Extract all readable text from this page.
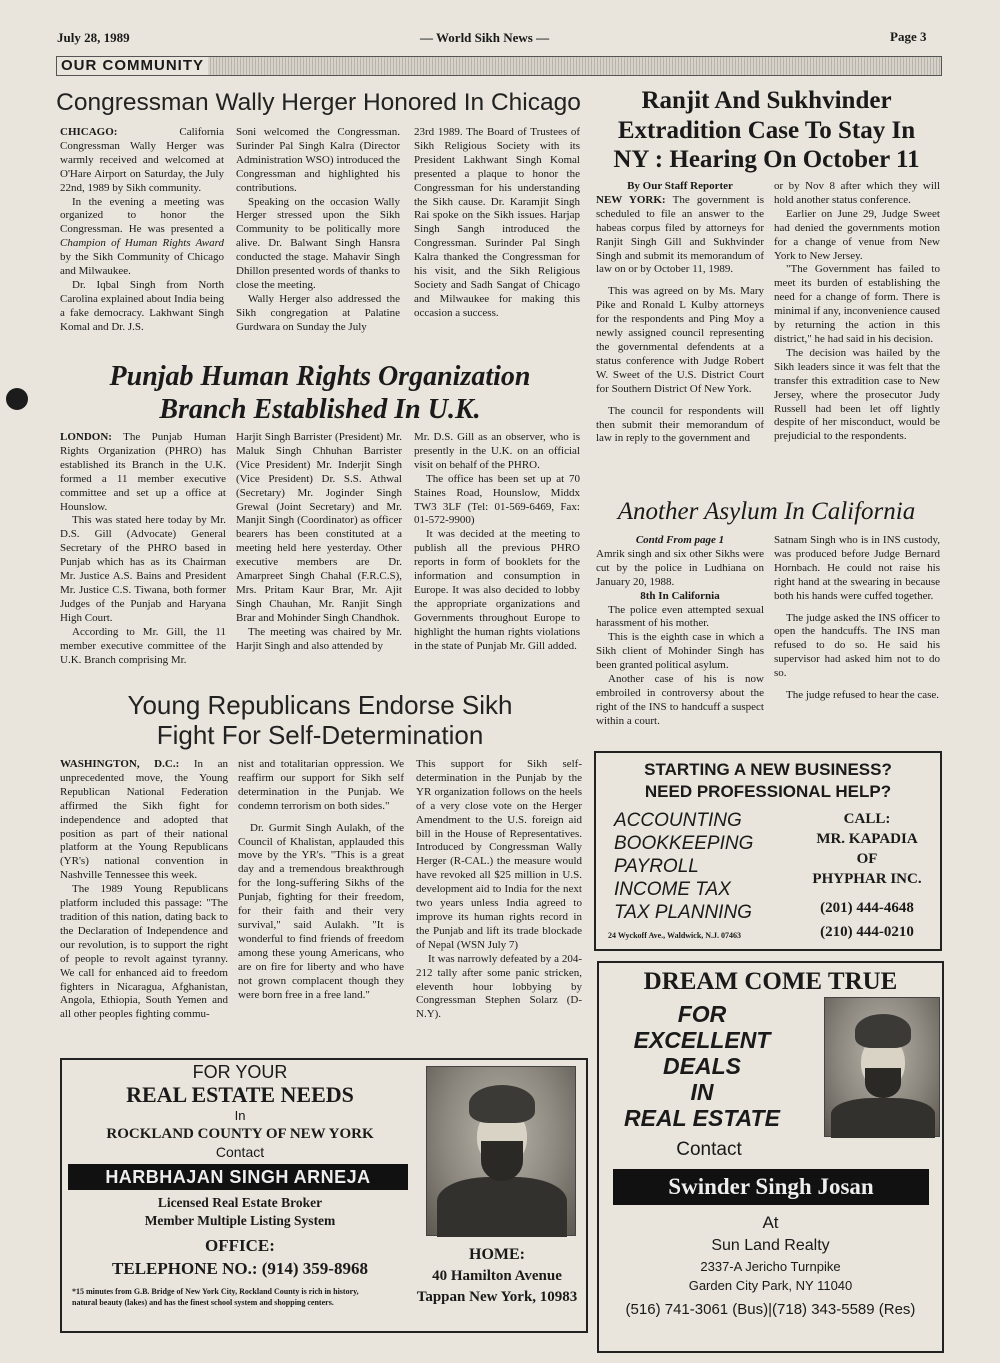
July 28, 1989	— World Sikh News —	Page 3
OUR COMMUNITY
Congressman Wally Herger Honored In Chicago

CHICAGO:	California Congressman Wally Herger was warmly received and welcomed at O'Hare Airport on Saturday, the July 22nd, 1989 by Sikh community.

In the evening a meeting was organized to honor the Congressman. He was presented a Champion of Human Rights Award by the Sikh Community of Chicago and Milwaukee.

Dr. Iqbal Singh from North Carolina explained about India being a fake democracy. Lakhwant Singh Komal and Dr. J.S.

Soni welcomed the Congressman. Surinder Pal Singh Kalra (Director Administration WSO) introduced the Congressman and highlighted his contributions.

Speaking on the occasion Wally Herger stressed upon the Sikh Community to be politically more alive. Dr. Balwant Singh Hansra conducted the stage. Mahavir Singh Dhillon presented words of thanks to close the meeting.

Wally Herger also addressed the Sikh congregation at Palatine Gurdwara on Sunday the July

23rd 1989. The Board of Trustees of Sikh Religious Society with its President Lakhwant Singh Komal presented a plaque to honor the Congressman for his understanding the Sikh cause. Dr. Karamjit Singh Rai spoke on the Sikh issues. Harjap Singh Sangh introduced the Congressman. Surinder Pal Singh Kalra thanked the Congressman for his visit, and the Sikh Religious Society and Sadh Sangat of Chicago and Milwaukee for making this occasion a success.

Ranjit And Sukhvinder
Extradition Case To Stay In
NY : Hearing On October 11

By Our Staff Reporter

NEW YORK: The government is scheduled to file an answer to the habeas corpus filed by attorneys for Ranjit Singh Gill and Sukhvinder Singh and submit its memorandum of law on or by October 11, 1989.

This was agreed on by Ms. Mary Pike and Ronald L Kulby attorneys for the respondents and Ping Moy a newly assigned council representing the governmental defendents at a status conference with Judge Robert W. Sweet of the U.S. District Court for Southern District Of New York.

The council for respondents will then submit their memorandum of law in reply to the government and

or by Nov 8 after which they will hold another status conference.

Earlier on June 29, Judge Sweet had denied the governments motion for a change of venue from New York to New Jersey.

"The Government has failed to meet its burden of establishing the need for a change of form. There is minimal if any, inconvenience caused by returning the action in this district," he had said in his decision.

The decision was hailed by the Sikh leaders since it was felt that the transfer this extradition case to New Jersey, where the prosecutor Judy Russell had been let off lightly despite of her misconduct, would be prejudicial to the respondents.

Punjab Human Rights Organization
Branch Established In U.K.

LONDON: The Punjab Human Rights Organization (PHRO) has established its Branch in the U.K. formed a 11 member executive committee and set up a office at Hounslow.

This was stated here today by Mr. D.S. Gill (Advocate) General Secretary of the PHRO based in Punjab which has as its Chairman Mr. Justice A.S. Bains and President Mr. Justice C.S. Tiwana, both former Judges of the Punjab and Haryana High Court.

According to Mr. Gill, the 11 member executive committee of the U.K. Branch comprising Mr.

Harjit Singh Barrister (President) Mr. Maluk Singh Chhuhan Barrister (Vice President) Mr. Inderjit Singh (Vice President) Dr. S.S. Athwal (Secretary) Mr. Joginder Singh Grewal (Joint Secretary) and Mr. Manjit Singh (Coordinator) as officer bearers has been constituted at a meeting held here yesterday. Other executive members are Dr. Amarpreet Singh Chahal (F.R.C.S), Mrs. Pritam Kaur Brar, Mr. Ajit Singh Chauhan, Mr. Ranjit Singh Brar and Mohinder Singh Chandhok.

The meeting was chaired by Mr. Harjit Singh and also attended by

Mr. D.S. Gill as an observer, who is presently in the U.K. on an official visit on behalf of the PHRO.

The office has been set up at 70 Staines Road, Hounslow, Middx TW3 3LF (Tel: 01-569-6469, Fax: 01-572-9900)

It was decided at the meeting to publish all the previous PHRO reports in form of booklets for the information and consumption in Europe. It was also decided to lobby the appropriate organizations and Governments throughout Europe to highlight the human rights violations in the state of Punjab Mr. Gill added.

Another Asylum In California

Contd From page 1

Amrik singh and six other Sikhs were cut by the police in Ludhiana on January 20, 1988.

8th In California

The police even attempted sexual harassment of his mother.

This is the eighth case in which a Sikh client of Mohinder Singh has been granted political asylum.

Another case of his is now embroiled in controversy about the right of the INS to handcuff a suspect within a court.

Satnam Singh who is in INS custody, was produced before Judge Bernard Hornbach. He could not raise his right hand at the swearing in because both his hands were cuffed together.

The judge asked the INS officer to open the handcuffs. The INS man refused to do so. He said his supervisor had asked him not to do so.

The judge refused to hear the case.

Young Republicans Endorse Sikh
Fight For Self-Determination

WASHINGTON, D.C.: In an unprecedented move, the Young Republican National Federation affirmed the Sikh fight for independence and adopted that position as part of their national platform at the Young Republicans (YR's) national convention in Nashville Tennessee this week.

The 1989 Young Republicans platform included this passage: "The tradition of this nation, dating back to the Declaration of Independence and our revolution, is to support the right of people to revolt against tyranny. We call for enhanced aid to freedom fighters in Nicaragua, Afghanistan, Angola, Ethiopia, South Yemen and all other peoples fighting commu-

nist and totalitarian oppression. We reaffirm our support for Sikh self determination in the Punjab. We condemn terrorism on both sides."

Dr. Gurmit Singh Aulakh, of the Council of Khalistan, applauded this move by the YR's. "This is a great day and a tremendous breakthrough for the long-suffering Sikhs of the Punjab, fighting for their freedom, for their faith and their very survival," said Aulakh. "It is wonderful to find friends of freedom among these young Americans, who are on fire for liberty and who have not grown complacent though they were born free in a free land."

This support for Sikh self-determination in the Punjab by the YR organization follows on the heels of a very close vote on the Herger Amendment to the U.S. foreign aid bill in the House of Representatives. Introduced by Congressman Wally Herger (R-CAL.) the measure would have revoked all $25 million in U.S. development aid to India for the next two years unless India agreed to improve its human rights record in the Punjab and lift its trade blockade of Nepal (WSN July 7)

It was narrowly defeated by a 204-212 tally after some panic stricken, eleventh hour lobbying by Congressman Stephen Solarz (D-N.Y).

STARTING A NEW BUSINESS?
NEED PROFESSIONAL HELP?
ACCOUNTING
BOOKKEEPING
PAYROLL
INCOME TAX
TAX PLANNING
CALL:
MR. KAPADIA
OF
PHYPHAR INC.
(201) 444-4648
(210) 444-0210
24 Wyckoff Ave., Waldwick, N.J. 07463
DREAM COME TRUE
FOR
EXCELLENT
DEALS
IN
REAL ESTATE
Contact
Swinder Singh Josan
At
Sun Land Realty
2337-A Jericho Turnpike
Garden City Park, NY 11040
(516) 741-3061 (Bus)|(718) 343-5589 (Res)
FOR YOUR
REAL ESTATE NEEDS
In
ROCKLAND COUNTY OF NEW YORK
Contact
HARBHAJAN SINGH ARNEJA
Licensed Real Estate Broker
Member Multiple Listing System
OFFICE:
TELEPHONE NO.: (914) 359-8968
*15 minutes from G.B. Bridge of New York City, Rockland County is rich in history, natural beauty (lakes) and has the finest school system and shopping centers.
HOME:
40 Hamilton Avenue
Tappan New York, 10983
